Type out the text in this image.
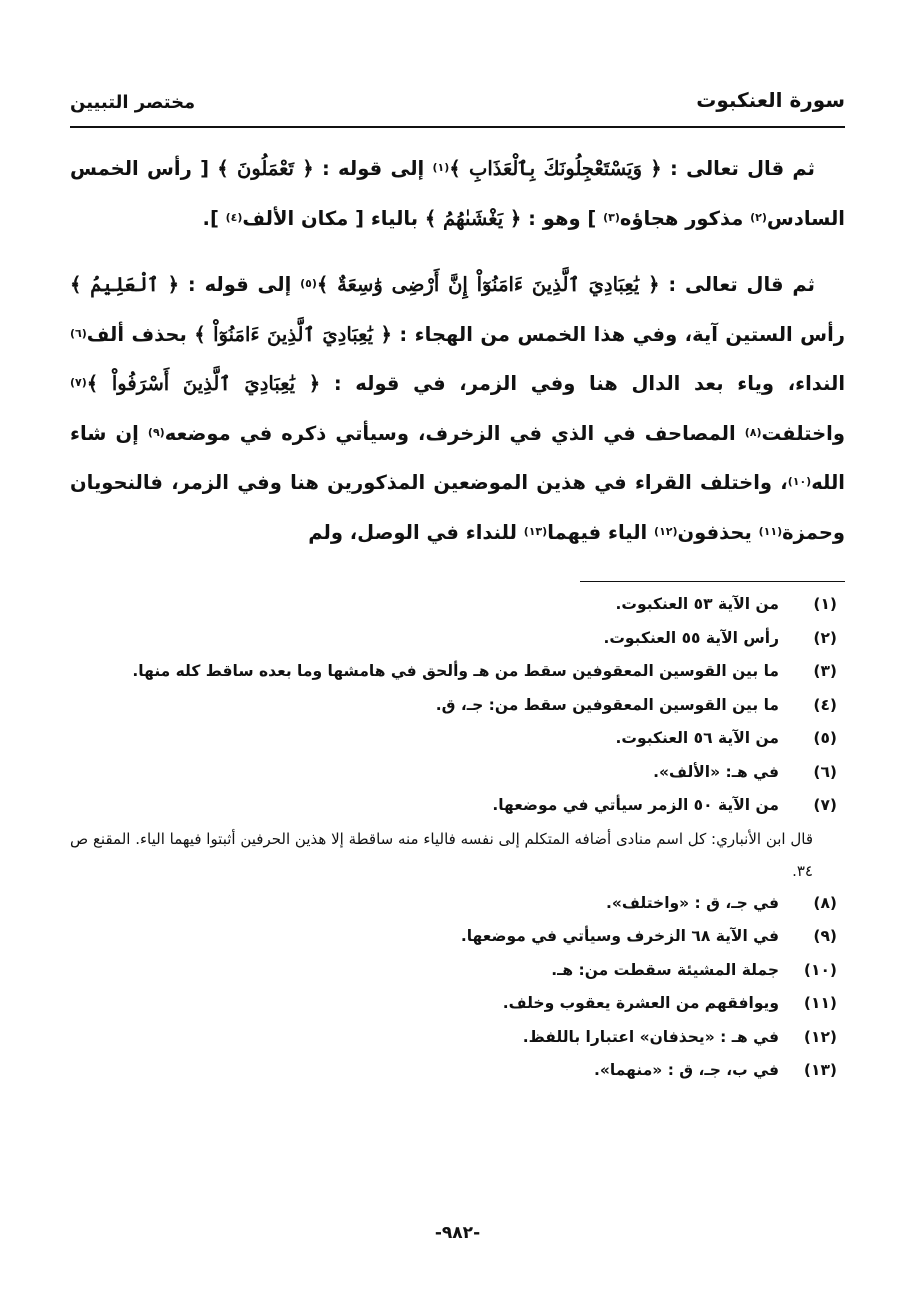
سورة العنكبوت
مختصر التبيين

ثم قال تعالى : ﴿ وَيَسْتَعْجِلُونَكَ بِٱلْعَذَابِ ﴾$^{(١)}$ إلى قوله : ﴿ تَعْمَلُونَ ﴾ [ رأس الخمس السادس$^{(٢)}$ مذكور هجاؤه$^{(٣)}$ ] وهو : ﴿ يَغْشَىٰهُمُ ﴾ بالياء [ مكان الألف$^{(٤)}$ ].

ثم قال تعالى : ﴿ يَٰعِبَادِيَ ٱلَّذِينَ ءَامَنُوٓاْ إِنَّ أَرْضِى وَٰسِعَةٌ ﴾$^{(٥)}$ إلى قوله : ﴿ ٱلْعَلِيمُ ﴾ رأس الستين آية، وفي هذا الخمس من الهجاء : ﴿ يَٰعِبَادِيَ ٱلَّذِينَ ءَامَنُوٓاْ ﴾ بحذف ألف$^{(٦)}$ النداء، وياء بعد الدال هنا وفي الزمر، في قوله : ﴿ يَٰعِبَادِيَ ٱلَّذِينَ أَسْرَفُواْ ﴾$^{(٧)}$ واختلفت$^{(٨)}$ المصاحف في الذي في الزخرف، وسيأتي ذكره في موضعه$^{(٩)}$ إن شاء الله$^{(١٠)}$، واختلف القراء في هذين الموضعين المذكورين هنا وفي الزمر، فالنحويان وحمزة$^{(١١)}$ يحذفون$^{(١٢)}$ الياء فيهما$^{(١٣)}$ للنداء في الوصل، ولم

(١)
من الآية ٥٣ العنكبوت.
(٢)
رأس الآية ٥٥ العنكبوت.
(٣)
ما بين القوسين المعقوفين سقط من هـ وألحق في هامشها وما بعده ساقط كله منها.
(٤)
ما بين القوسين المعقوفين سقط من: جـ، ق.
(٥)
من الآية ٥٦ العنكبوت.
(٦)
في هـ: «الألف».
(٧)
من الآية ٥٠ الزمر سيأتي في موضعها.
قال ابن الأنباري: كل اسم منادى أضافه المتكلم إلى نفسه فالياء منه ساقطة إلا هذين الحرفين أثبتوا فيهما الياء. المقنع ص ٣٤.
(٨)
في جـ، ق : «واختلف».
(٩)
في الآية ٦٨ الزخرف وسيأتي في موضعها.
(١٠)
جملة المشيئة سقطت من: هـ.
(١١)
ويوافقهم من العشرة يعقوب وخلف.
(١٢)
في هـ : «يحذفان» اعتبارا باللفظ.
(١٣)
في ب، جـ، ق : «منهما».
-٩٨٢-
